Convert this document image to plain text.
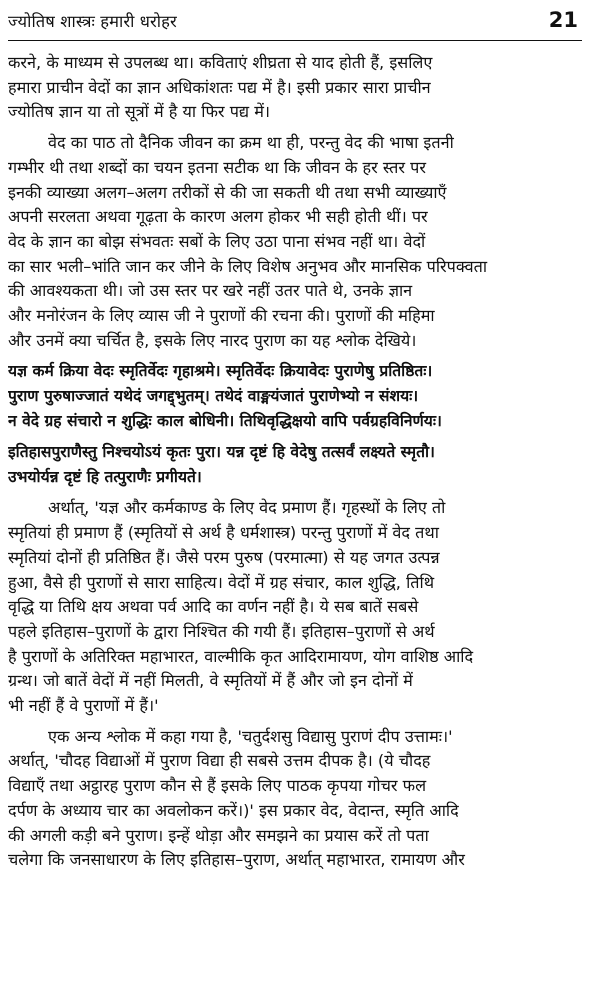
ज्योतिष शास्त्रः हमारी धरोहर	21
करने, के माध्यम से उपलब्ध था। कविताएं शीघ्रता से याद होती हैं, इसलिए
हमारा प्राचीन वेदों का ज्ञान अधिकांशतः पद्य में है। इसी प्रकार सारा प्राचीन
ज्योतिष ज्ञान या तो सूत्रों में है या फिर पद्य में।
वेद का पाठ तो दैनिक जीवन का क्रम था ही, परन्तु वेद की भाषा इतनी
गम्भीर थी तथा शब्दों का चयन इतना सटीक था कि जीवन के हर स्तर पर
इनकी व्याख्या अलग–अलग तरीकों से की जा सकती थी तथा सभी व्याख्याएँ
अपनी सरलता अथवा गूढ़ता के कारण अलग होकर भी सही होती थीं। पर
वेद के ज्ञान का बोझ संभवतः सबों के लिए उठा पाना संभव नहीं था। वेदों
का सार भली–भांति जान कर जीने के लिए विशेष अनुभव और मानसिक परिपक्वता
की आवश्यकता थी। जो उस स्तर पर खरे नहीं उतर पाते थे, उनके ज्ञान
और मनोरंजन के लिए व्यास जी ने पुराणों की रचना की। पुराणों की महिमा
और उनमें क्या चर्चित है, इसके लिए नारद पुराण का यह श्लोक देखिये।
यज्ञ कर्म क्रिया वेदः स्मृतिर्वेदः गृहाश्रमे। स्मृतिर्वेदः क्रियावेदः पुराणेषु प्रतिष्ठितः।
पुराण पुरुषाज्जातं यथेदं जगद्द्भुतम्। तथेदं वाङ्मयंजातं पुराणेभ्यो न संशयः।
न वेदे ग्रह संचारो न शुद्धिः काल बोधिनी। तिथिवृद्धिक्षयो वापि पर्वग्रहविनिर्णयः।
इतिहासपुराणैस्तु निश्चयोऽयं कृतः पुरा। यन्न दृष्टं हि वेदेषु तत्सर्वं लक्ष्यते स्मृतौ।
उभयोर्यन्न दृष्टं हि तत्पुराणैः प्रगीयते।
अर्थात्, 'यज्ञ और कर्मकाण्ड के लिए वेद प्रमाण हैं। गृहस्थों के लिए तो
स्मृतियां ही प्रमाण हैं (स्मृतियों से अर्थ है धर्मशास्त्र) परन्तु पुराणों में वेद तथा
स्मृतियां दोनों ही प्रतिष्ठित हैं। जैसे परम पुरुष (परमात्मा) से यह जगत उत्पन्न
हुआ, वैसे ही पुराणों से सारा साहित्य। वेदों में ग्रह संचार, काल शुद्धि, तिथि
वृद्धि या तिथि क्षय अथवा पर्व आदि का वर्णन नहीं है। ये सब बातें सबसे
पहले इतिहास–पुराणों के द्वारा निश्चित की गयी हैं। इतिहास–पुराणों से अर्थ
है पुराणों के अतिरिक्त महाभारत, वाल्मीकि कृत आदिरामायण, योग वाशिष्ठ आदि
ग्रन्थ। जो बातें वेदों में नहीं मिलती, वे स्मृतियों में हैं और जो इन दोनों में
भी नहीं हैं वे पुराणों में हैं।'
एक अन्य श्लोक में कहा गया है, 'चतुर्दशसु विद्यासु पुराणं दीप उत्तामः।'
अर्थात्, 'चौदह विद्याओं में पुराण विद्या ही सबसे उत्तम दीपक है। (ये चौदह
विद्याएँ तथा अट्ठारह पुराण कौन से हैं इसके लिए पाठक कृपया गोचर फल
दर्पण के अध्याय चार का अवलोकन करें।)' इस प्रकार वेद, वेदान्त, स्मृति आदि
की अगली कड़ी बने पुराण। इन्हें थोड़ा और समझने का प्रयास करें तो पता
चलेगा कि जनसाधारण के लिए इतिहास–पुराण, अर्थात् महाभारत, रामायण और
